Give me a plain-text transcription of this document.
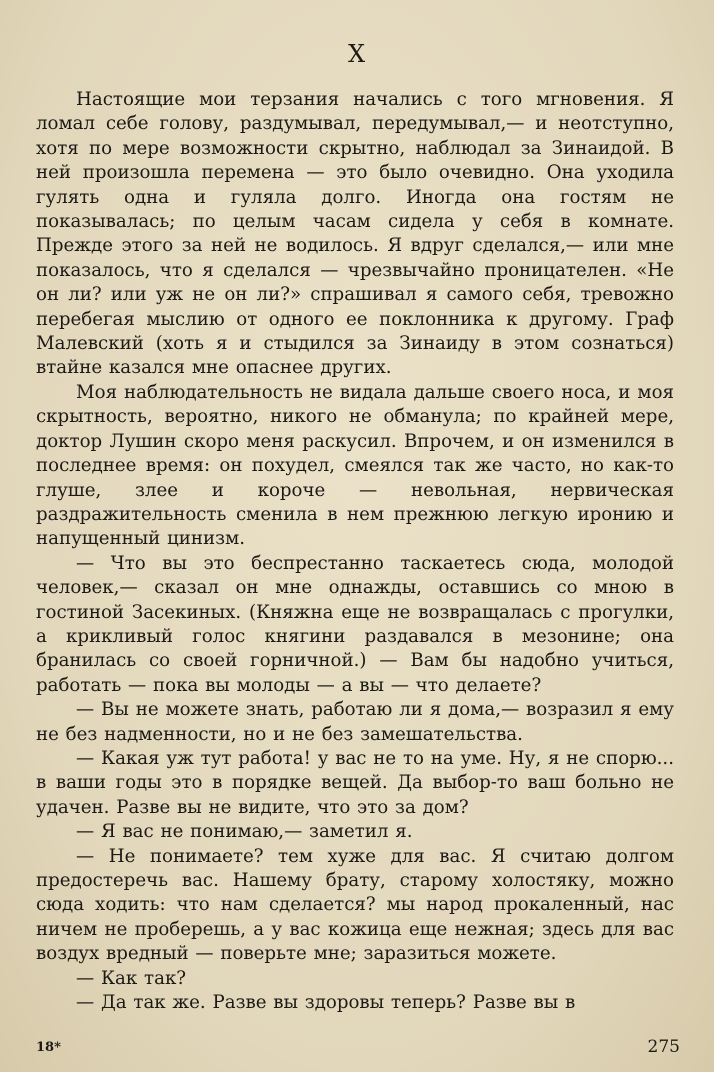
X

Настоящие мои терзания начались с того мгновения. Я ломал себе голову, раздумывал, передумывал,— и неотступно, хотя по мере возможности скрытно, наблюдал за Зинаидой. В ней произошла перемена — это было очевидно. Она уходила гулять одна и гуляла долго. Иногда она гостям не показывалась; по целым часам сидела у себя в комнате. Прежде этого за ней не водилось. Я вдруг сделался,— или мне показалось, что я сделался — чрезвычайно проницателен. «Не он ли? или уж не он ли?» спрашивал я самого себя, тревожно перебегая мыслию от одного ее поклонника к другому. Граф Малевский (хоть я и стыдился за Зинаиду в этом сознаться) втайне казался мне опаснее других.

Моя наблюдательность не видала дальше своего носа, и моя скрытность, вероятно, никого не обманула; по крайней мере, доктор Лушин скоро меня раскусил. Впрочем, и он изменился в последнее время: он похудел, смеялся так же часто, но как-то глуше, злее и короче — невольная, нервическая раздражительность сменила в нем прежнюю легкую иронию и напущенный цинизм.

— Что вы это беспрестанно таскаетесь сюда, молодой человек,— сказал он мне однажды, оставшись со мною в гостиной Засекиных. (Княжна еще не возвращалась с прогулки, а крикливый голос княгини раздавался в мезонине; она бранилась со своей горничной.) — Вам бы надобно учиться, работать — пока вы молоды — а вы — что делаете?

— Вы не можете знать, работаю ли я дома,— возразил я ему не без надменности, но и не без замешательства.

— Какая уж тут работа! у вас не то на уме. Ну, я не спорю... в ваши годы это в порядке вещей. Да выбор-то ваш больно не удачен. Разве вы не видите, что это за дом?

— Я вас не понимаю,— заметил я.

— Не понимаете? тем хуже для вас. Я считаю долгом предостеречь вас. Нашему брату, старому холостяку, можно сюда ходить: что нам сделается? мы народ прокаленный, нас ничем не проберешь, а у вас кожица еще нежная; здесь для вас воздух вредный — поверьте мне; заразиться можете.

— Как так?

— Да так же. Разве вы здоровы теперь? Разве вы в

18*	275
